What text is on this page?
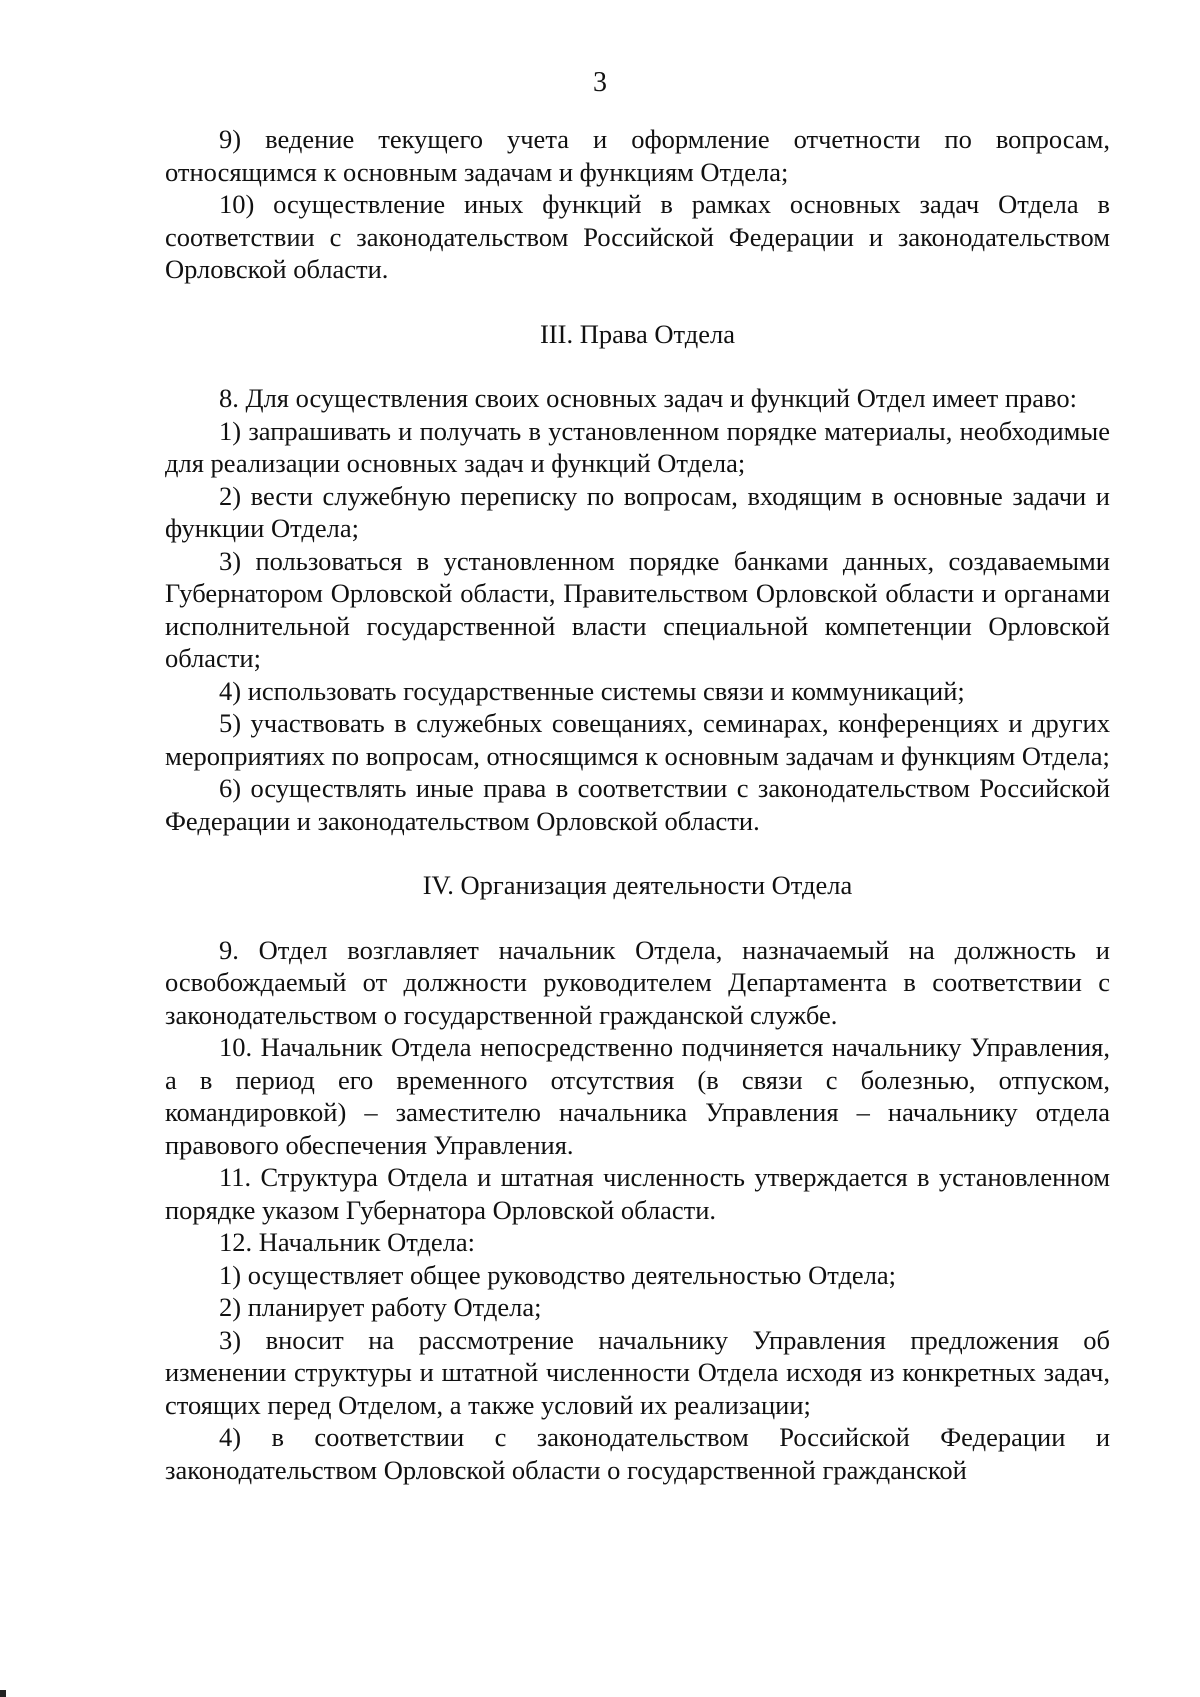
3

9) ведение текущего учета и оформление отчетности по вопросам, относящимся к основным задачам и функциям Отдела;

10) осуществление иных функций в рамках основных задач Отдела в соответствии с законодательством Российской Федерации и законодательством Орловской области.

III. Права Отдела

8. Для осуществления своих основных задач и функций Отдел имеет право:

1) запрашивать и получать в установленном порядке материалы, необходимые для реализации основных задач и функций Отдела;

2) вести служебную переписку по вопросам, входящим в основные задачи и функции Отдела;

3) пользоваться в установленном порядке банками данных, создаваемыми Губернатором Орловской области, Правительством Орловской области и органами исполнительной государственной власти специальной компетенции Орловской области;

4) использовать государственные системы связи и коммуникаций;

5) участвовать в служебных совещаниях, семинарах, конференциях и других мероприятиях по вопросам, относящимся к основным задачам и функциям Отдела;

6) осуществлять иные права в соответствии с законодательством Российской Федерации и законодательством Орловской области.

IV. Организация деятельности Отдела

9. Отдел возглавляет начальник Отдела, назначаемый на должность и освобождаемый от должности руководителем Департамента в соответствии с законодательством о государственной гражданской службе.

10. Начальник Отдела непосредственно подчиняется начальнику Управления, а в период его временного отсутствия (в связи с болезнью, отпуском, командировкой) – заместителю начальника Управления – начальнику отдела правового обеспечения Управления.

11. Структура Отдела и штатная численность утверждается в установленном порядке указом Губернатора Орловской области.

12. Начальник Отдела:

1) осуществляет общее руководство деятельностью Отдела;

2) планирует работу Отдела;

3) вносит на рассмотрение начальнику Управления предложения об изменении структуры и штатной численности Отдела исходя из конкретных задач, стоящих перед Отделом, а также условий их реализации;

4) в соответствии с законодательством Российской Федерации и законодательством Орловской области о государственной гражданской
